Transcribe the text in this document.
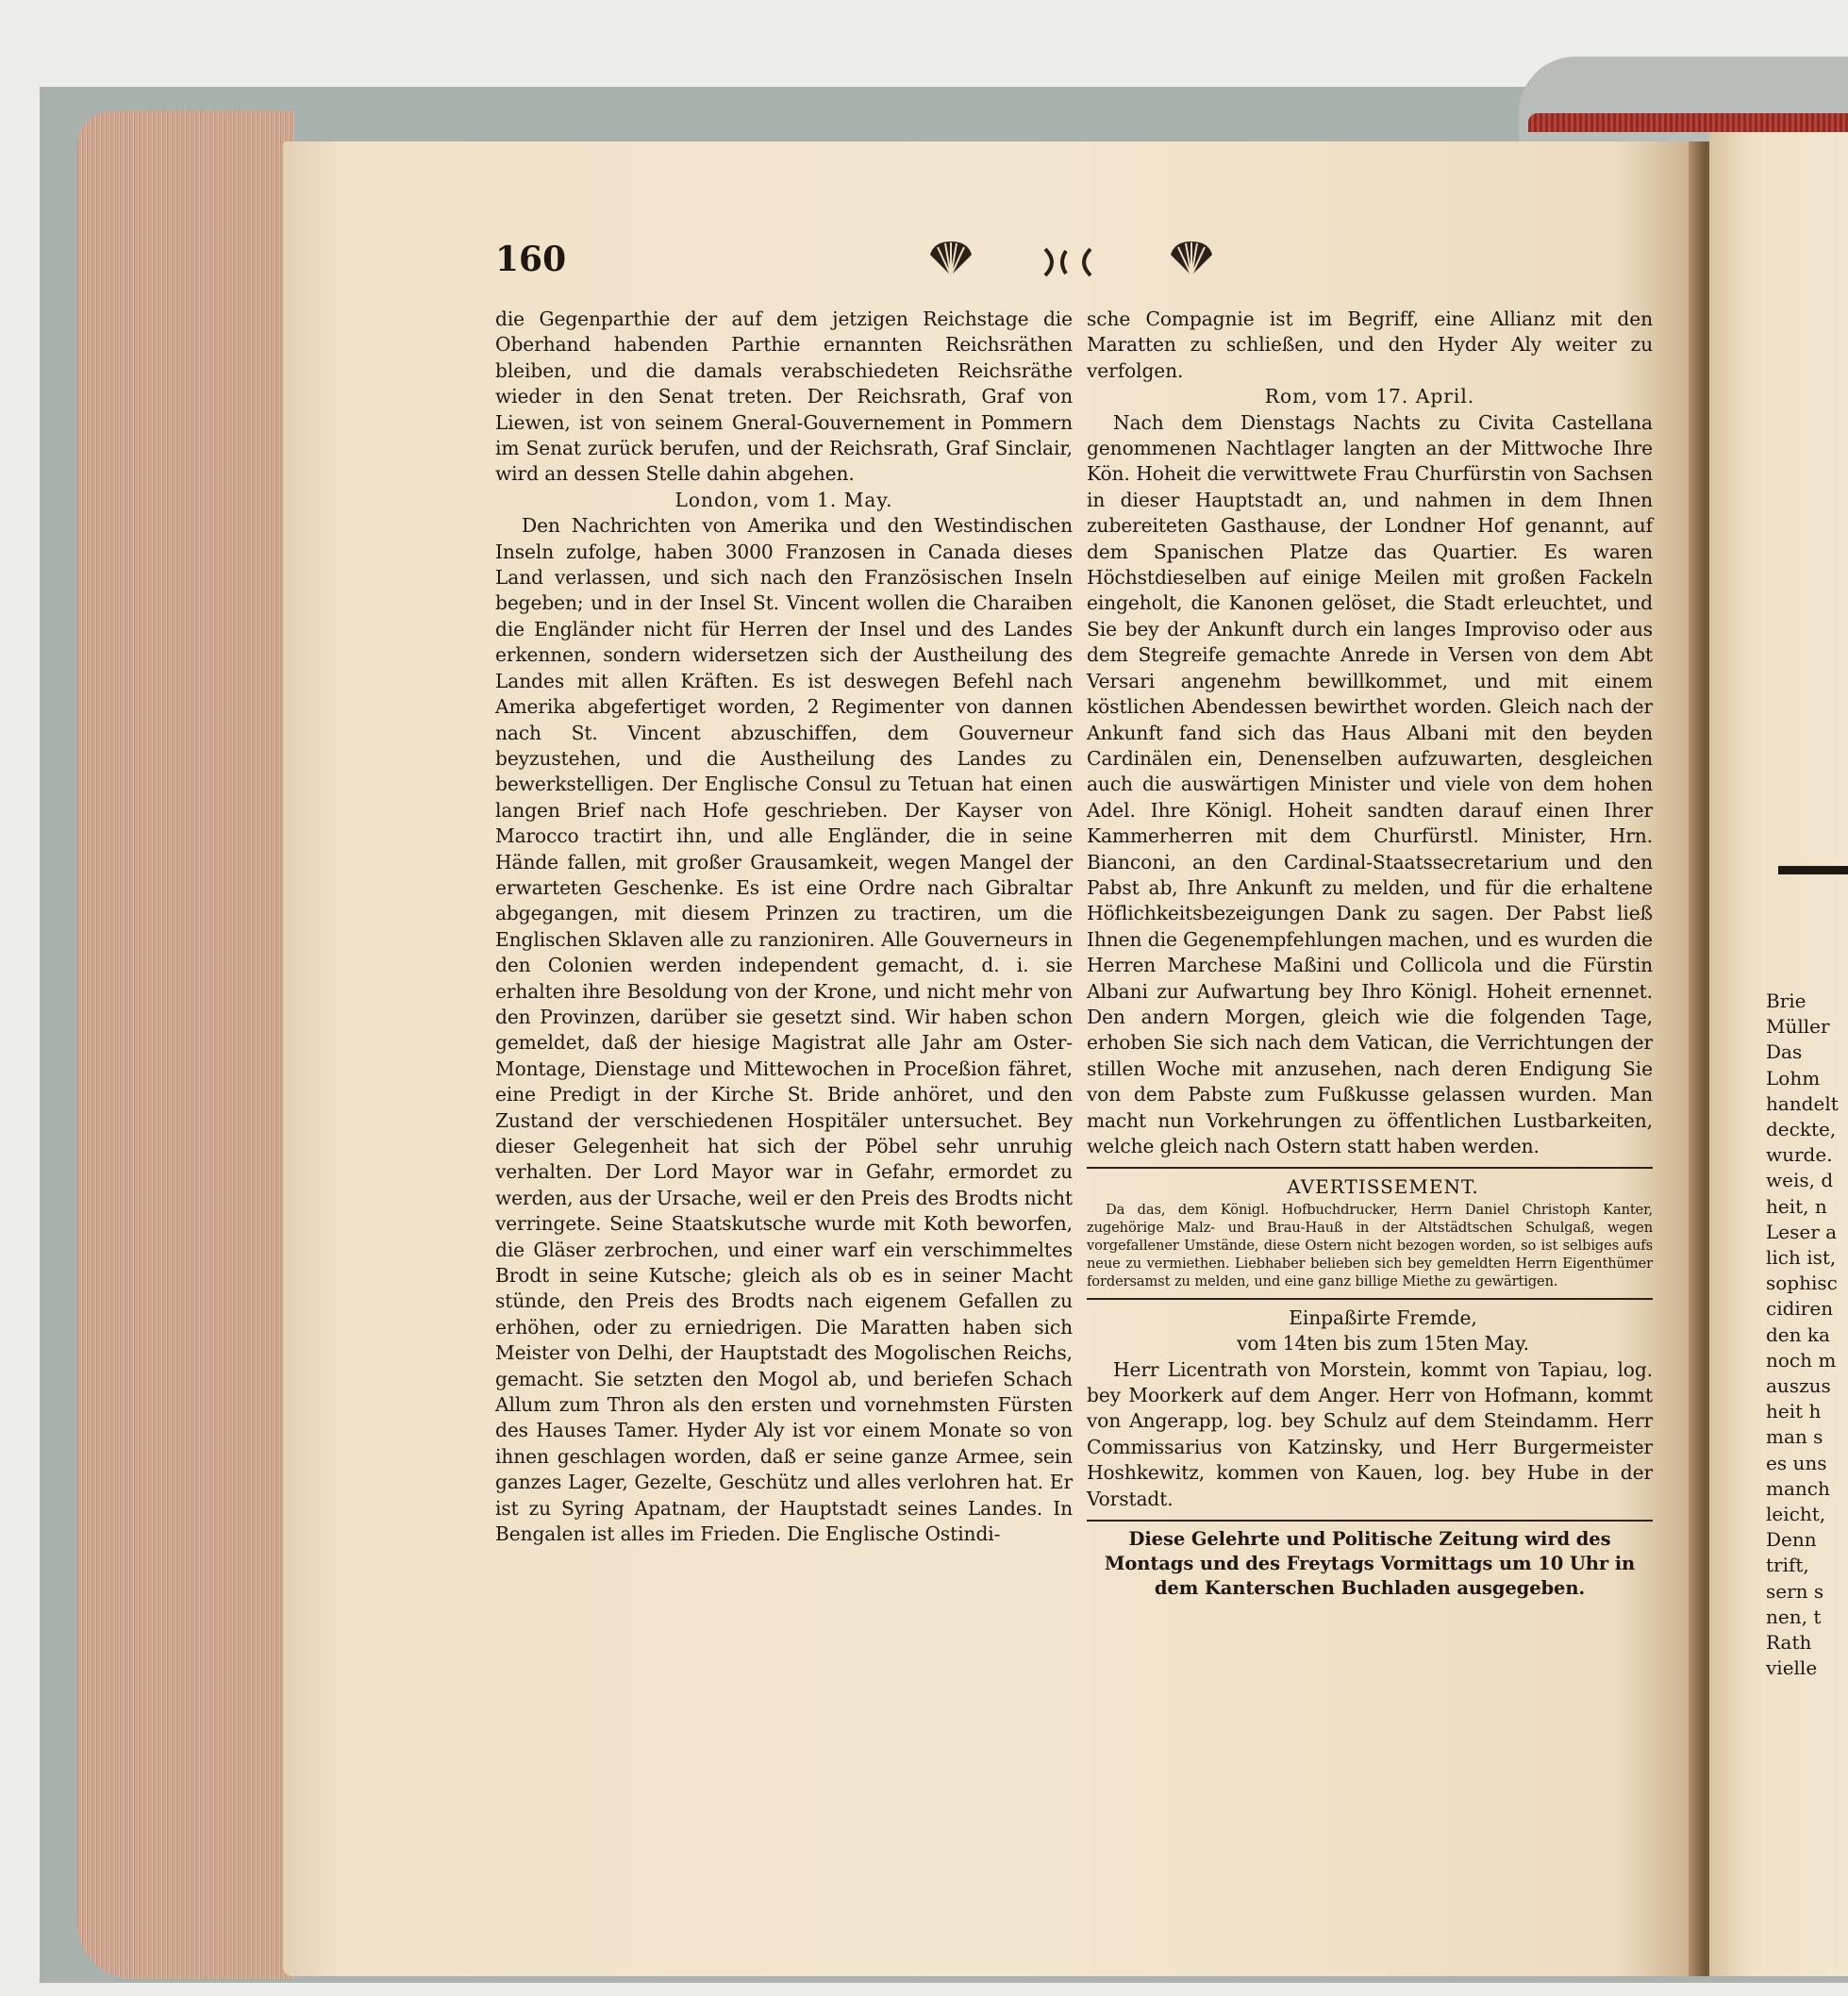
160

die Gegenparthie der auf dem jetzigen Reichstage die Oberhand habenden Parthie ernannten Reichsräthen bleiben, und die damals verabschiedeten Reichsräthe wieder in den Senat treten. Der Reichsrath, Graf von Liewen, ist von seinem Gneral-Gouvernement in Pommern im Senat zurück berufen, und der Reichsrath, Graf Sinclair, wird an dessen Stelle dahin abgehen.

London, vom 1. May.

Den Nachrichten von Amerika und den Westindischen Inseln zufolge, haben 3000 Franzosen in Canada dieses Land verlassen, und sich nach den Französischen Inseln begeben; und in der Insel St. Vincent wollen die Charaiben die Engländer nicht für Herren der Insel und des Landes erkennen, sondern widersetzen sich der Austheilung des Landes mit allen Kräften. Es ist deswegen Befehl nach Amerika abgefertiget worden, 2 Regimenter von dannen nach St. Vincent abzuschiffen, dem Gouverneur beyzustehen, und die Austheilung des Landes zu bewerkstelligen. Der Englische Consul zu Tetuan hat einen langen Brief nach Hofe geschrieben. Der Kayser von Marocco tractirt ihn, und alle Engländer, die in seine Hände fallen, mit großer Grausamkeit, wegen Mangel der erwarteten Geschenke. Es ist eine Ordre nach Gibraltar abgegangen, mit diesem Prinzen zu tractiren, um die Englischen Sklaven alle zu ranzioniren. Alle Gouverneurs in den Colonien werden independent gemacht, d. i. sie erhalten ihre Besoldung von der Krone, und nicht mehr von den Provinzen, darüber sie gesetzt sind. Wir haben schon gemeldet, daß der hiesige Magistrat alle Jahr am Oster-Montage, Dienstage und Mittewochen in Proceßion fähret, eine Predigt in der Kirche St. Bride anhöret, und den Zustand der verschiedenen Hospitäler untersuchet. Bey dieser Gelegenheit hat sich der Pöbel sehr unruhig verhalten. Der Lord Mayor war in Gefahr, ermordet zu werden, aus der Ursache, weil er den Preis des Brodts nicht verringete. Seine Staatskutsche wurde mit Koth beworfen, die Gläser zerbrochen, und einer warf ein verschimmeltes Brodt in seine Kutsche; gleich als ob es in seiner Macht stünde, den Preis des Brodts nach eigenem Gefallen zu erhöhen, oder zu erniedrigen. Die Maratten haben sich Meister von Delhi, der Hauptstadt des Mogolischen Reichs, gemacht. Sie setzten den Mogol ab, und beriefen Schach Allum zum Thron als den ersten und vornehmsten Fürsten des Hauses Tamer. Hyder Aly ist vor einem Monate so von ihnen geschlagen worden, daß er seine ganze Armee, sein ganzes Lager, Gezelte, Geschütz und alles verlohren hat. Er ist zu Syring Apatnam, der Hauptstadt seines Landes. In Bengalen ist alles im Frieden. Die Englische Ostindi-

sche Compagnie ist im Begriff, eine Allianz mit den Maratten zu schließen, und den Hyder Aly weiter zu verfolgen.

Rom, vom 17. April.

Nach dem Dienstags Nachts zu Civita Castellana genommenen Nachtlager langten an der Mittwoche Ihre Kön. Hoheit die verwittwete Frau Churfürstin von Sachsen in dieser Hauptstadt an, und nahmen in dem Ihnen zubereiteten Gasthause, der Londner Hof genannt, auf dem Spanischen Platze das Quartier. Es waren Höchstdieselben auf einige Meilen mit großen Fackeln eingeholt, die Kanonen gelöset, die Stadt erleuchtet, und Sie bey der Ankunft durch ein langes Improviso oder aus dem Stegreife gemachte Anrede in Versen von dem Abt Versari angenehm bewillkommet, und mit einem köstlichen Abendessen bewirthet worden. Gleich nach der Ankunft fand sich das Haus Albani mit den beyden Cardinälen ein, Denenselben aufzuwarten, desgleichen auch die auswärtigen Minister und viele von dem hohen Adel. Ihre Königl. Hoheit sandten darauf einen Ihrer Kammerherren mit dem Churfürstl. Minister, Hrn. Bianconi, an den Cardinal-Staatssecretarium und den Pabst ab, Ihre Ankunft zu melden, und für die erhaltene Höflichkeitsbezeigungen Dank zu sagen. Der Pabst ließ Ihnen die Gegenempfehlungen machen, und es wurden die Herren Marchese Maßini und Collicola und die Fürstin Albani zur Aufwartung bey Ihro Königl. Hoheit ernennet. Den andern Morgen, gleich wie die folgenden Tage, erhoben Sie sich nach dem Vatican, die Verrichtungen der stillen Woche mit anzusehen, nach deren Endigung Sie von dem Pabste zum Fußkusse gelassen wurden. Man macht nun Vorkehrungen zu öffentlichen Lustbarkeiten, welche gleich nach Ostern statt haben werden.

AVERTISSEMENT.

Da das, dem Königl. Hofbuchdrucker, Herrn Daniel Christoph Kanter, zugehörige Malz- und Brau-Hauß in der Altstädtschen Schulgaß, wegen vorgefallener Umstände, diese Ostern nicht bezogen worden, so ist selbiges aufs neue zu vermiethen. Liebhaber belieben sich bey gemeldten Herrn Eigenthümer fordersamst zu melden, und eine ganz billige Miethe zu gewärtigen.

Einpaßirte Fremde,

vom 14ten bis zum 15ten May.

Herr Licentrath von Morstein, kommt von Tapiau, log. bey Moorkerk auf dem Anger. Herr von Hofmann, kommt von Angerapp, log. bey Schulz auf dem Steindamm. Herr Commissarius von Katzinsky, und Herr Burgermeister Hoshkewitz, kommen von Kauen, log. bey Hube in der Vorstadt.

Diese Gelehrte und Politische Zeitung wird des Montags und des Freytags Vormittags um 10 Uhr in dem Kanterschen Buchladen ausgegeben.

Brie
Müller
Das
Lohm
handelt
deckte,
wurde.
weis, d
heit, n
Leser a
lich ist,
sophisc
cidiren
den ka
noch m
auszus
heit h
man s
es uns
manch
leicht,
Denn
trift,
sern s
nen, t
Rath
vielle
